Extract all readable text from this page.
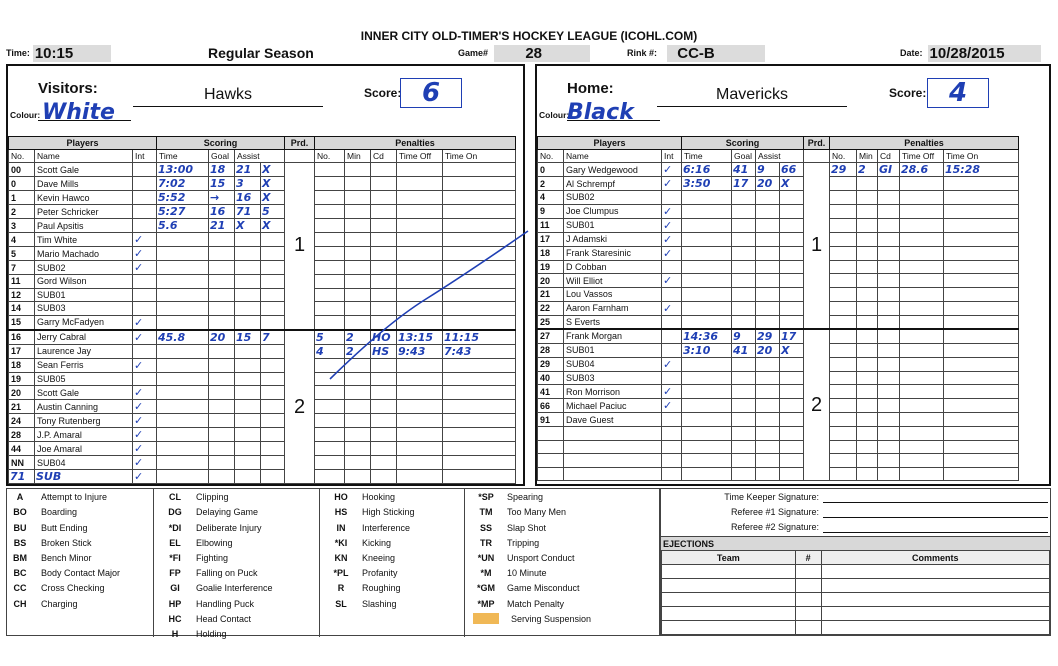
INNER CITY OLD-TIMER'S HOCKEY LEAGUE (ICOHL.COM)
Time: 10:15	Regular Season	Game#	28	Rink #:	CC-B	Date: 10/28/2015
Visitors:
Colour: White
Hawks	Score: 6
Players			Scoring				Prd.	Penalties				
No.	Name	Int	Time	Goal	Assist			No.	Min	Cd	Time Off	Time On
00	Scott Gale		13:00	18	21	X	1					
0	Dave Mills		7:02	15	3	X						
1	Kevin Hawco		5:52	→	16	X						
2	Peter Schricker		5:27	16	71	5						
3	Paul Apsitis		5.6	21	X	X						
4	Tim White	✓										
5	Mario Machado	✓										
7	SUB02	✓										
11	Gord Wilson											
12	SUB01											
14	SUB03											
15	Garry McFadyen	✓										
16	Jerry Cabral	✓	45.8	20	15	7	2	5	2	HO	13:15	11:15
17	Laurence Jay							4	2	HS	9:43	7:43
18	Sean Ferris	✓										
19	SUB05											
20	Scott Gale	✓										
21	Austin Canning	✓										
24	Tony Rutenberg	✓										
28	J.P. Amaral	✓										
44	Joe Amaral	✓										
NN	SUB04	✓										
71	SUB	✓										
Home:
Colour:
Black
Mavericks	Score: 4
Players			Scoring				Prd.	Penalties				
No.	Name	Int	Time	Goal	Assist			No.	Min	Cd	Time Off	Time On
0	Gary Wedgewood	✓	6:16	41	9	66	1	29	2	GI	28.6	15:28
2	Al Schrempf	✓	3:50	17	20	X						
4	SUB02											
9	Joe Clumpus	✓										
11	SUB01	✓										
17	J Adamski	✓										
18	Frank Staresinic	✓										
19	D Cobban											
20	Will Elliot	✓										
21	Lou Vassos											
22	Aaron Farnham	✓										
25	S Everts											
27	Frank Morgan		14:36	9	29	17	2					
28	SUB01		3:10	41	20	X						
29	SUB04	✓										
40	SUB03											
41	Ron Morrison	✓										
66	Michael Paciuc	✓										
91	Dave Guest											

A	Attempt to Injure
BO	Boarding
BU	Butt Ending
BS	Broken Stick
BM	Bench Minor
BC	Body Contact Major
CC	Cross Checking
CH	Charging
CL	Clipping
DG	Delaying Game
*DI	Deliberate Injury
EL	Elbowing
*FI	Fighting
FP	Falling on Puck
GI	Goalie Interference
HP	Handling Puck
HC	Head Contact
H	Holding
HO	Hooking
HS	High Sticking
IN	Interference
*KI	Kicking
KN	Kneeing
*PL	Profanity
R	Roughing
SL	Slashing
*SP	Spearing
TM	Too Many Men
SS	Slap Shot
TR	Tripping
*UN	Unsport Conduct
*M	10 Minute
*GM	Game Misconduct
*MP	Match Penalty
Serving Suspension
Time Keeper Signature:
Referee #1 Signature:
Referee #2 Signature:
EJECTIONS
Team	#	Comments
